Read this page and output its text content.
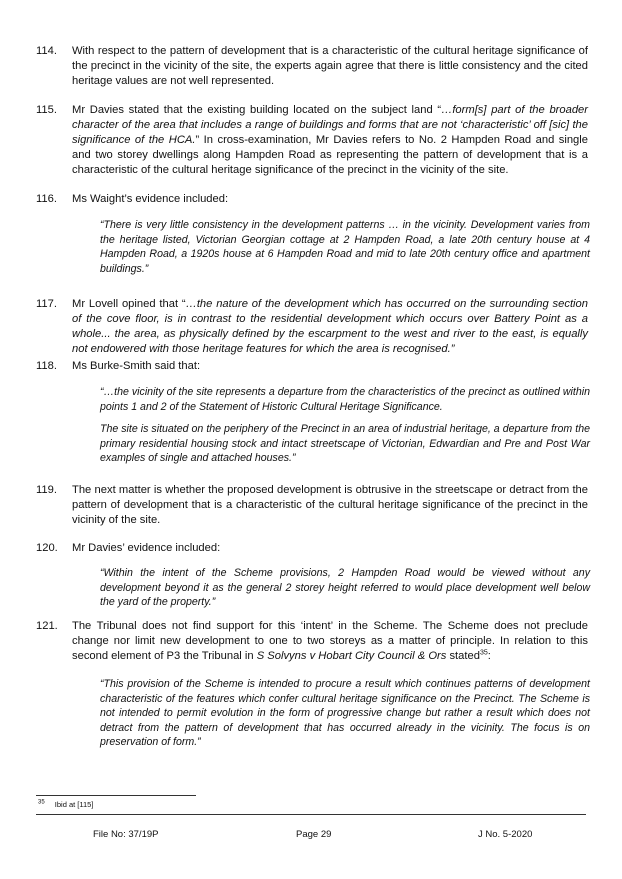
114. With respect to the pattern of development that is a characteristic of the cultural heritage significance of the precinct in the vicinity of the site, the experts again agree that there is little consistency and the cited heritage values are not well represented.
115. Mr Davies stated that the existing building located on the subject land “…form[s] part of the broader character of the area that includes a range of buildings and forms that are not ‘characteristic’ off [sic] the significance of the HCA.” In cross-examination, Mr Davies refers to No. 2 Hampden Road and single and two storey dwellings along Hampden Road as representing the pattern of development that is a characteristic of the cultural heritage significance of the precinct in the vicinity of the site.
116. Ms Waight’s evidence included:
“There is very little consistency in the development patterns … in the vicinity. Development varies from the heritage listed, Victorian Georgian cottage at 2 Hampden Road, a late 20th century house at 4 Hampden Road, a 1920s house at 6 Hampden Road and mid to late 20th century office and apartment buildings.”
117. Mr Lovell opined that “…the nature of the development which has occurred on the surrounding section of the cove floor, is in contrast to the residential development which occurs over Battery Point as a whole... the area, as physically defined by the escarpment to the west and river to the east, is equally not endowered with those heritage features for which the area is recognised.”
118. Ms Burke-Smith said that:
“…the vicinity of the site represents a departure from the characteristics of the precinct as outlined within points 1 and 2 of the Statement of Historic Cultural Heritage Significance.
The site is situated on the periphery of the Precinct in an area of industrial heritage, a departure from the primary residential housing stock and intact streetscape of Victorian, Edwardian and Pre and Post War examples of single and attached houses.”
119. The next matter is whether the proposed development is obtrusive in the streetscape or detract from the pattern of development that is a characteristic of the cultural heritage significance of the precinct in the vicinity of the site.
120. Mr Davies’ evidence included:
“Within the intent of the Scheme provisions, 2 Hampden Road would be viewed without any development beyond it as the general 2 storey height referred to would place development well below the yard of the property.”
121. The Tribunal does not find support for this ‘intent’ in the Scheme. The Scheme does not preclude change nor limit new development to one to two storeys as a matter of principle. In relation to this second element of P3 the Tribunal in S Solvyns v Hobart City Council & Ors stated$^{35}$:
“This provision of the Scheme is intended to procure a result which continues patterns of development characteristic of the features which confer cultural heritage significance on the Precinct. The Scheme is not intended to permit evolution in the form of progressive change but rather a result which does not detract from the pattern of development that has occurred already in the vicinity. The focus is on preservation of form.”
$^{35}$ Ibid at [115]
File No: 37/19P	Page 29	J No. 5-2020
